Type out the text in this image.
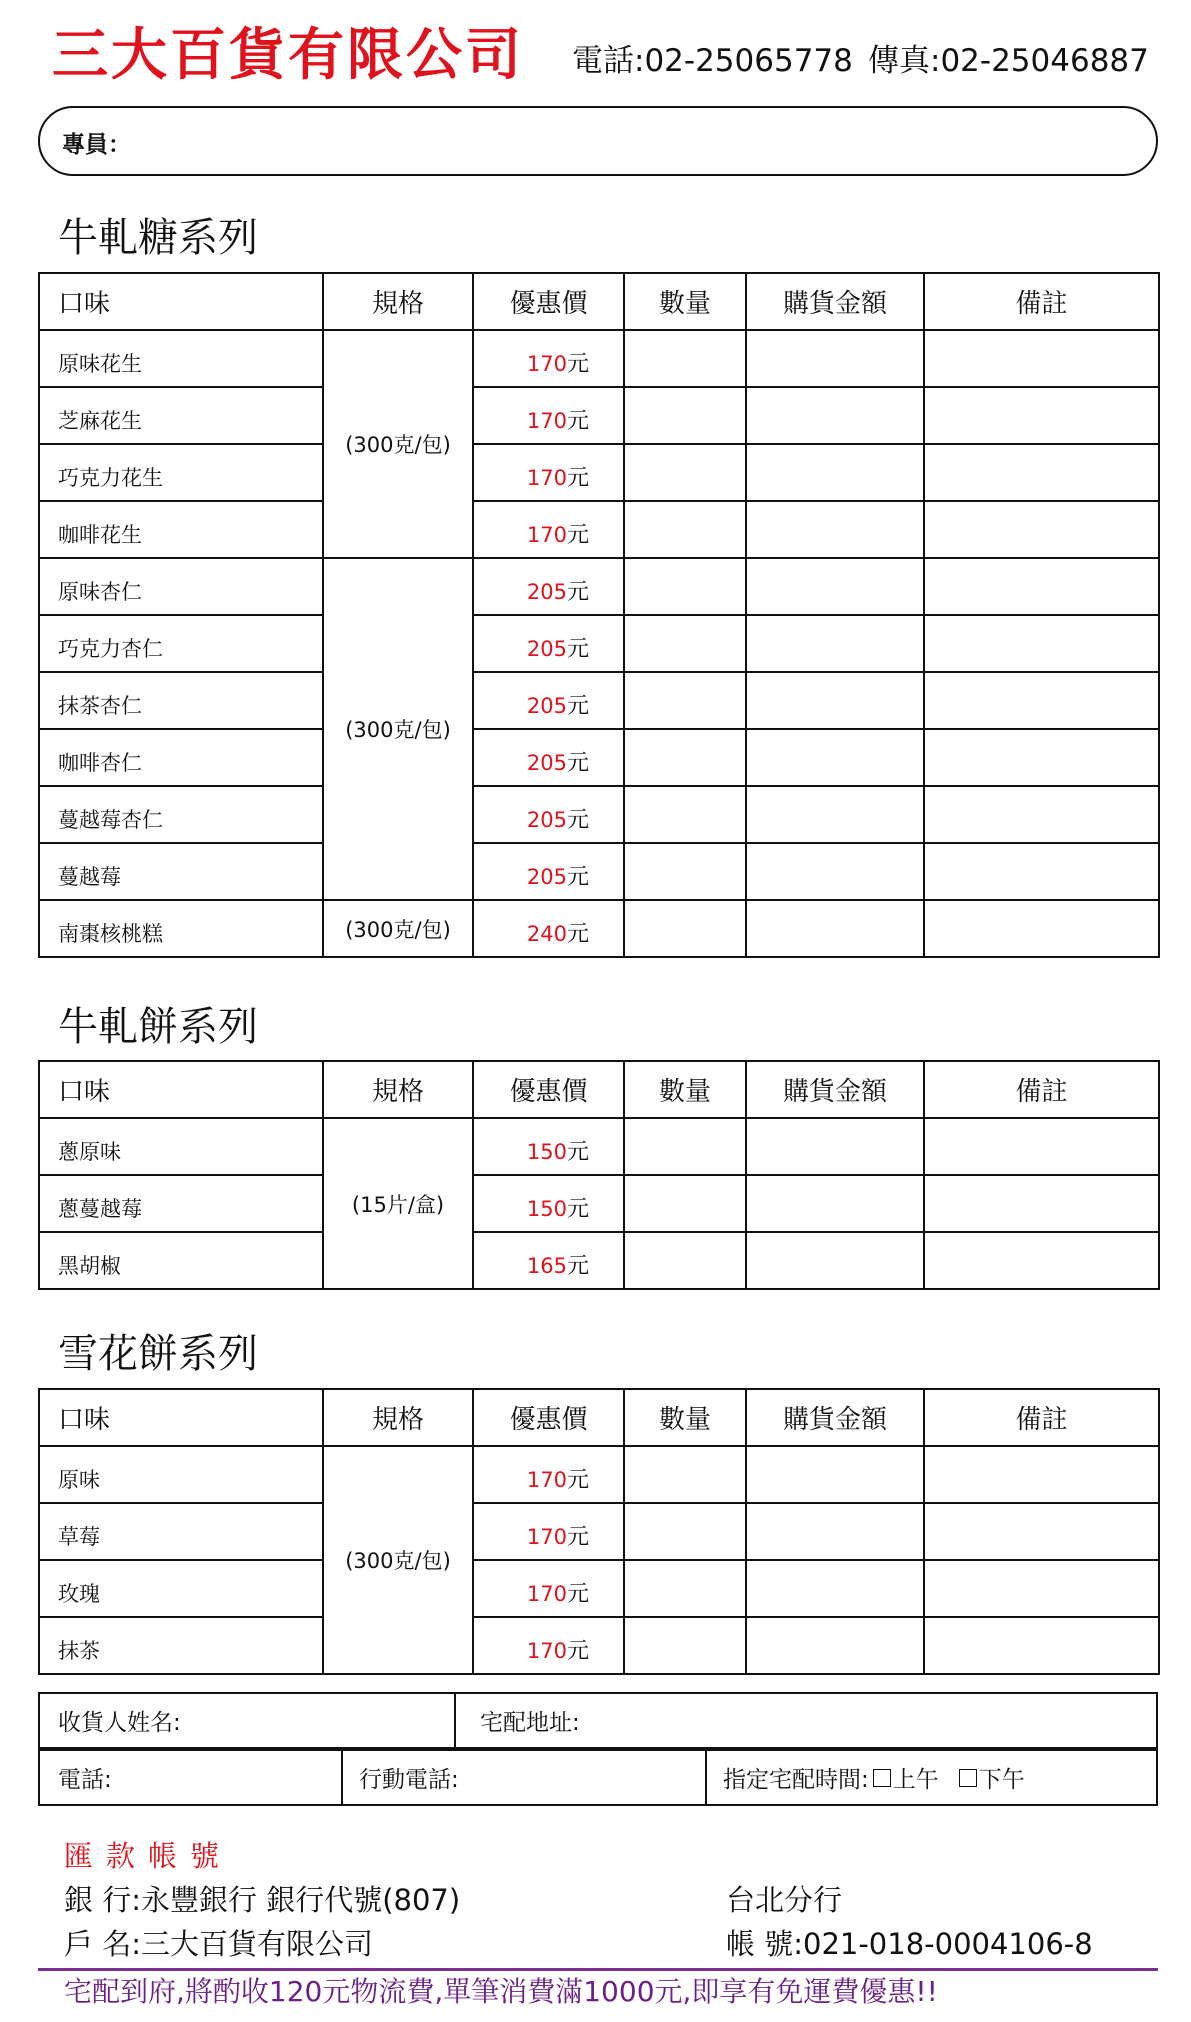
三大百貨有限公司 電話:02-25065778 傳真:02-25046887
專員：
牛軋糖系列
口味	規格	優惠價	數量	購貨金額	備註
原味花生	(300克/包)	170元			
芝麻花生		170元			
巧克力花生		170元			
咖啡花生		170元			
原味杏仁	(300克/包)	205元			
巧克力杏仁		205元			
抹茶杏仁		205元			
咖啡杏仁		205元			
蔓越莓杏仁		205元			
蔓越莓		205元			
南棗核桃糕	(300克/包)	240元			
牛軋餅系列
口味	規格	優惠價	數量	購貨金額	備註
蔥原味	(15片/盒)	150元			
蔥蔓越莓		150元			
黑胡椒		165元			
雪花餅系列
口味	規格	優惠價	數量	購貨金額	備註
原味	(300克/包)	170元			
草莓		170元			
玫瑰		170元			
抹茶		170元			
收貨人姓名:	宅配地址:
電話:	行動電話:	指定宅配時間: 上午 下午
匯款帳號
銀 行:永豐銀行 銀行代號(807)	台北分行
戶 名:三大百貨有限公司	帳 號:021-018-0004106-8
宅配到府,將酌收120元物流費,單筆消費滿1000元,即享有免運費優惠!!
